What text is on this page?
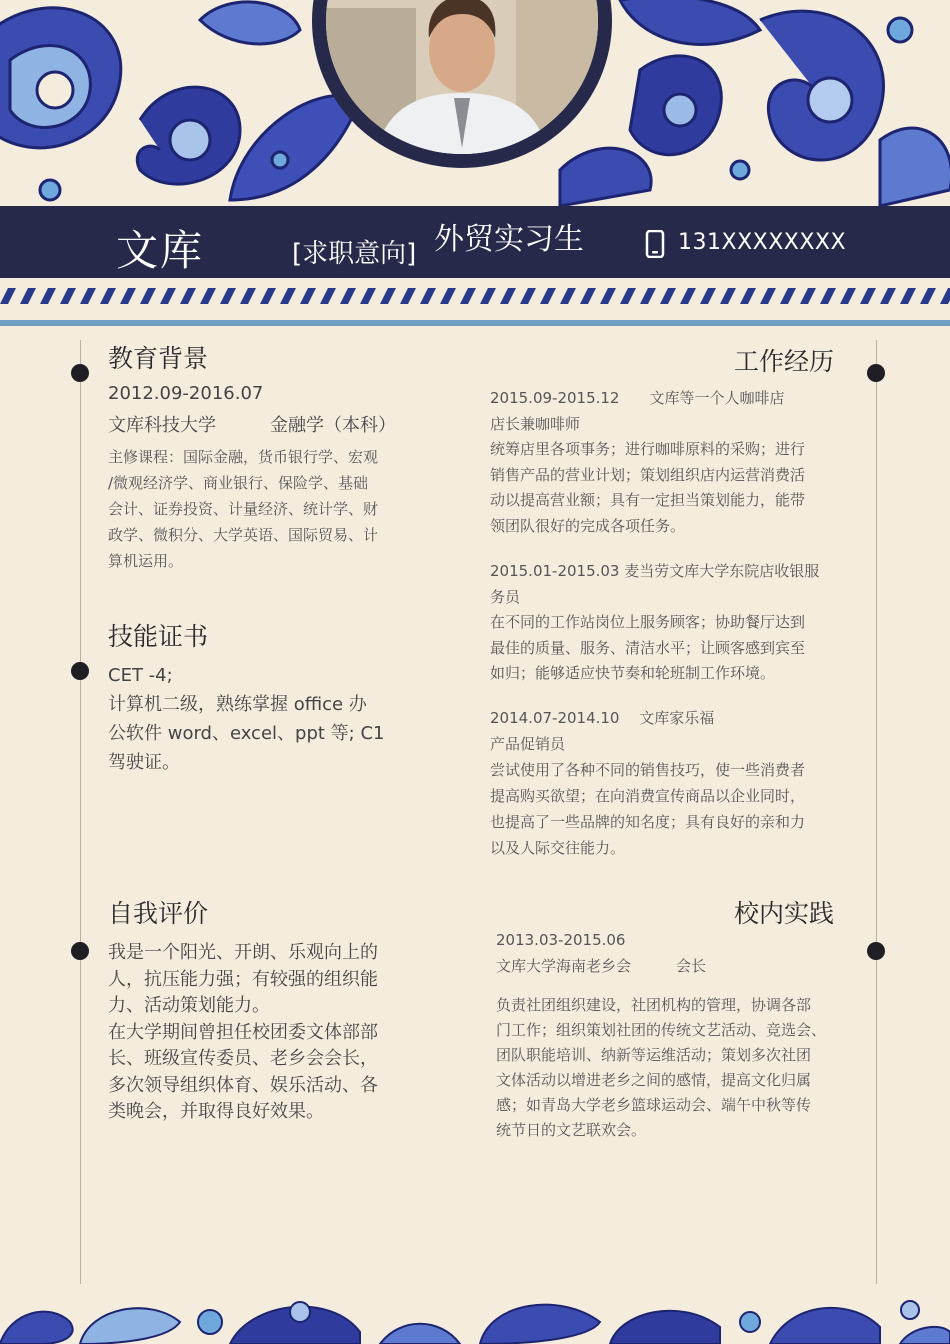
文库	[求职意向] 外贸实习生	131XXXXXXXX
教育背景
2012.09-2016.07
文库科技大学	金融学（本科）
主修课程：国际金融，货币银行学、宏观
/微观经济学、商业银行、保险学、基础
会计、证券投资、计量经济、统计学、财
政学、微积分、大学英语、国际贸易、计
算机运用。
技能证书
CET -4;
计算机二级，熟练掌握 office 办
公软件 word、excel、ppt 等; C1
驾驶证。
自我评价
我是一个阳光、开朗、乐观向上的
人，抗压能力强；有较强的组织能
力、活动策划能力。
在大学期间曾担任校团委文体部部
长、班级宣传委员、老乡会会长，
多次领导组织体育、娱乐活动、各
类晚会，并取得良好效果。
工作经历
2015.09-2015.12　　文库等一个人咖啡店
店长兼咖啡师
统筹店里各项事务；进行咖啡原料的采购；进行
销售产品的营业计划；策划组织店内运营消费活
动以提高营业额；具有一定担当策划能力，能带
领团队很好的完成各项任务。
2015.01-2015.03 麦当劳文库大学东院店收银服
务员
在不同的工作站岗位上服务顾客；协助餐厅达到
最佳的质量、服务、清洁水平；让顾客感到宾至
如归；能够适应快节奏和轮班制工作环境。
2014.07-2014.10　 文库家乐福
产品促销员
尝试使用了各种不同的销售技巧，使一些消费者
提高购买欲望；在向消费宣传商品以企业同时，
也提高了一些品牌的知名度；具有良好的亲和力
以及人际交往能力。
校内实践
2013.03-2015.06
文库大学海南老乡会　　　会长
负责社团组织建设，社团机构的管理，协调各部
门工作；组织策划社团的传统文艺活动、竞选会、
团队职能培训、纳新等运维活动；策划多次社团
文体活动以增进老乡之间的感情，提高文化归属
感；如青岛大学老乡篮球运动会、端午中秋等传
统节日的文艺联欢会。
